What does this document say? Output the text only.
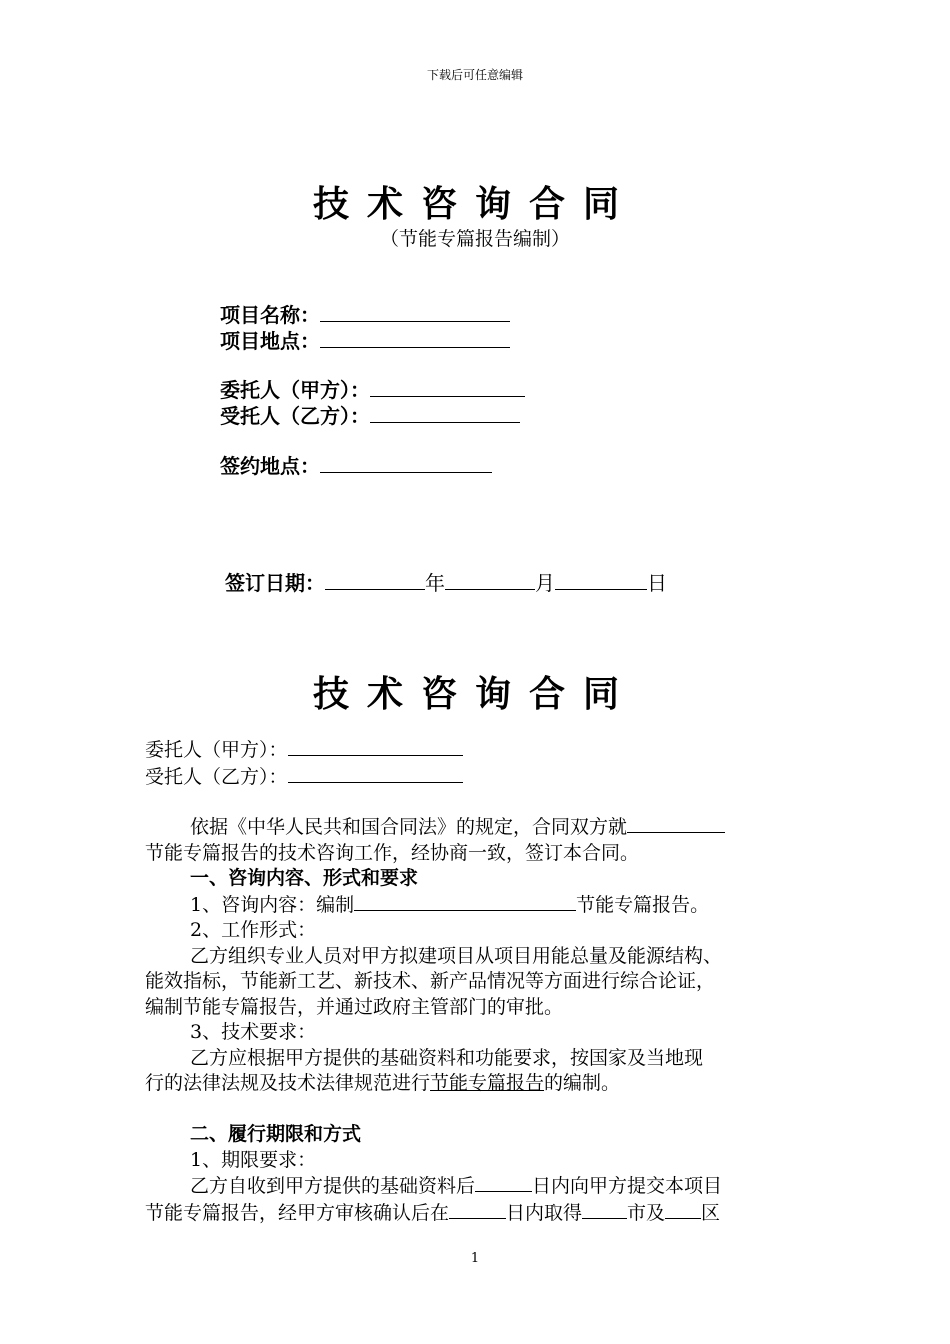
下载后可任意编辑
技术咨询合同
（节能专篇报告编制）
项目名称：
项目地点：
委托人（甲方）：
受托人（乙方）：
签约地点：
签订日期：	年	月	日
技术咨询合同
委托人（甲方）：
受托人（乙方）：
依据《中华人民共和国合同法》的规定，合同双方就
节能专篇报告的技术咨询工作，经协商一致，签订本合同。
一、咨询内容、形式和要求
1、咨询内容：编制	节能专篇报告。
2、工作形式：
乙方组织专业人员对甲方拟建项目从项目用能总量及能源结构、
能效指标，节能新工艺、新技术、新产品情况等方面进行综合论证，
编制节能专篇报告，并通过政府主管部门的审批。
3、技术要求：
乙方应根据甲方提供的基础资料和功能要求，按国家及当地现
行的法律法规及技术法律规范进行节能专篇报告的编制。
二、履行期限和方式
1、期限要求：
乙方自收到甲方提供的基础资料后	日内向甲方提交本项目
节能专篇报告，经甲方审核确认后在	日内取得 市及 区
1
